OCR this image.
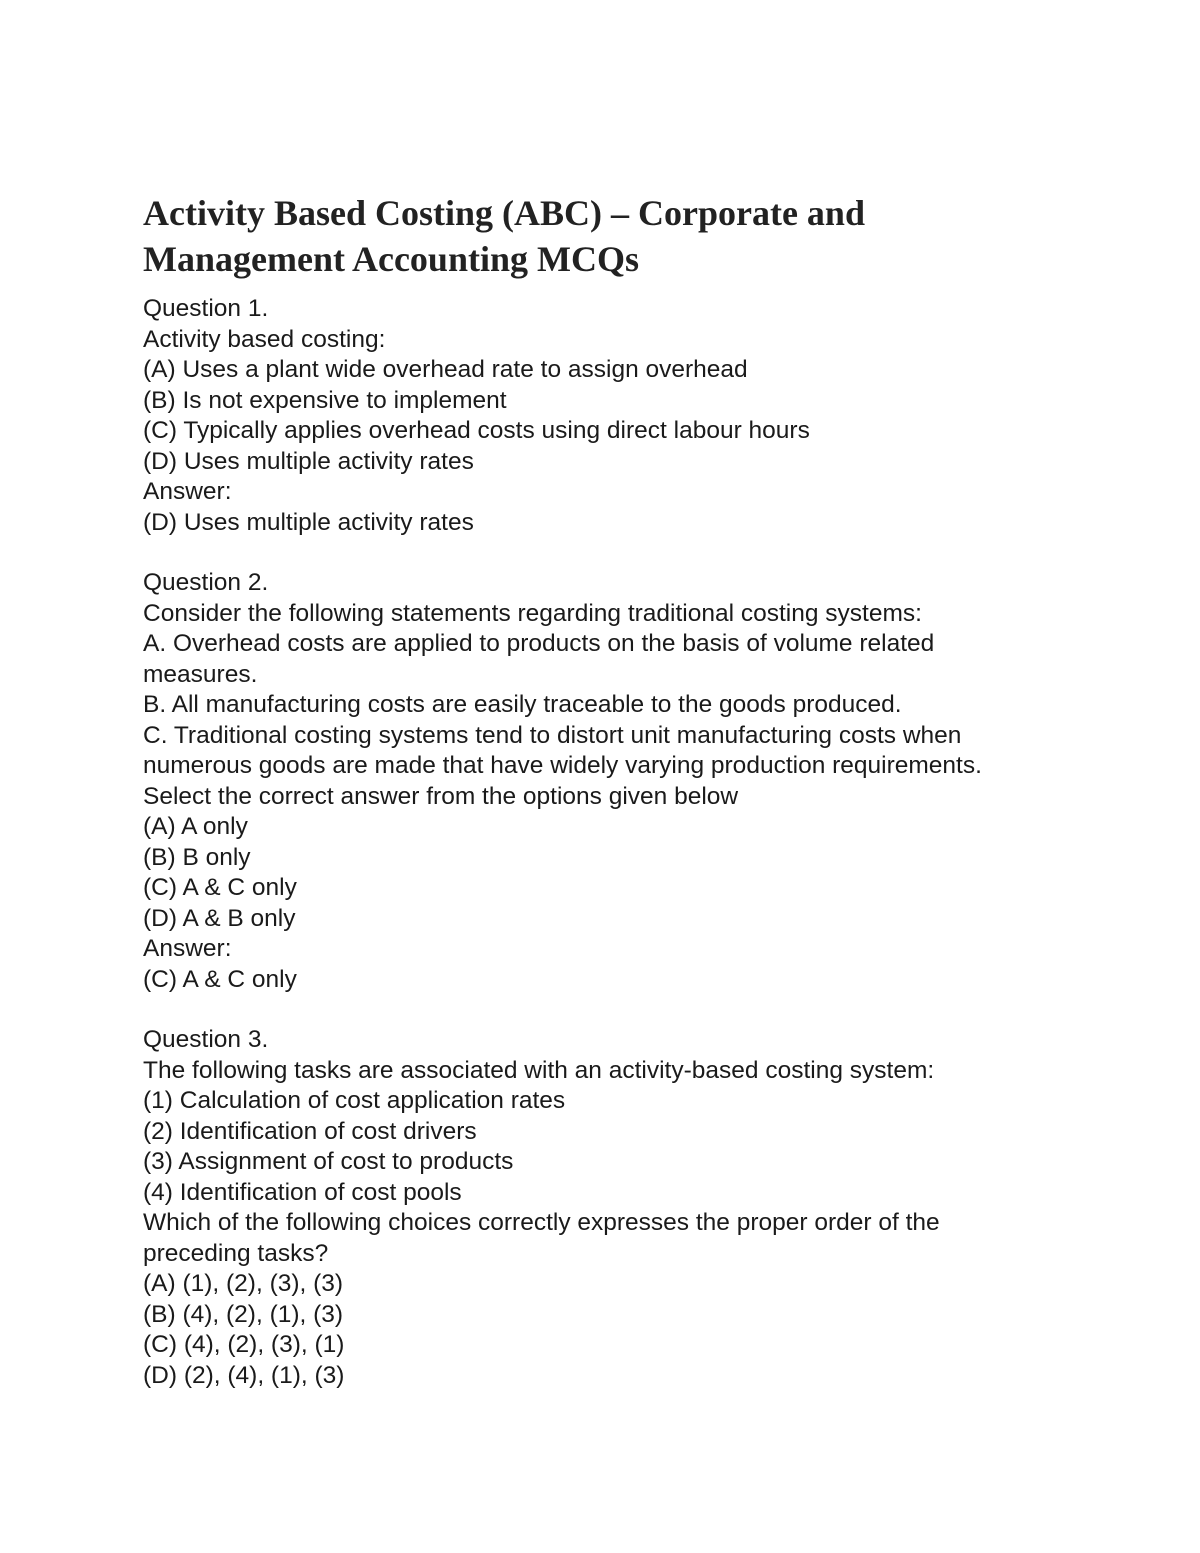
Activity Based Costing (ABC) – Corporate and
Management Accounting MCQs

Question 1.

Activity based costing:

(A) Uses a plant wide overhead rate to assign overhead

(B) Is not expensive to implement

(C) Typically applies overhead costs using direct labour hours

(D) Uses multiple activity rates

Answer:

(D) Uses multiple activity rates

Question 2.

Consider the following statements regarding traditional costing systems:

A. Overhead costs are applied to products on the basis of volume related

measures.

B. All manufacturing costs are easily traceable to the goods produced.

C. Traditional costing systems tend to distort unit manufacturing costs when

numerous goods are made that have widely varying production requirements.

Select the correct answer from the options given below

(A) A only

(B) B only

(C) A & C only

(D) A & B only

Answer:

(C) A & C only

Question 3.

The following tasks are associated with an activity-based costing system:

(1) Calculation of cost application rates

(2) Identification of cost drivers

(3) Assignment of cost to products

(4) Identification of cost pools

Which of the following choices correctly expresses the proper order of the

preceding tasks?

(A) (1), (2), (3), (3)

(B) (4), (2), (1), (3)

(C) (4), (2), (3), (1)

(D) (2), (4), (1), (3)
